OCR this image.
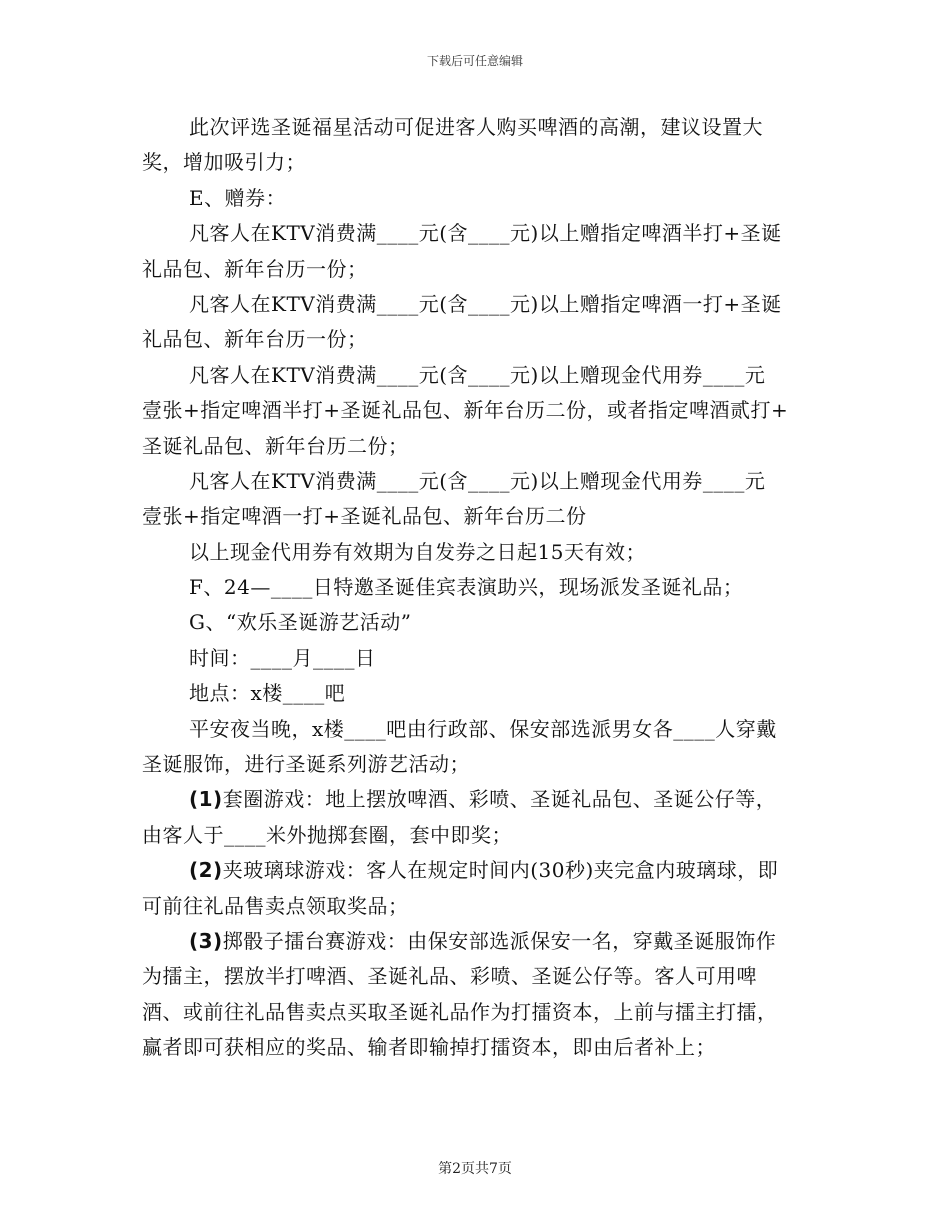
下载后可任意编辑
此次评选圣诞福星活动可促进客人购买啤酒的高潮，建议设置大
奖，增加吸引力；
E、赠券：
凡客人在KTV消费满____元(含____元)以上赠指定啤酒半打+圣诞
礼品包、新年台历一份；
凡客人在KTV消费满____元(含____元)以上赠指定啤酒一打+圣诞
礼品包、新年台历一份；
凡客人在KTV消费满____元(含____元)以上赠现金代用券____元
壹张+指定啤酒半打+圣诞礼品包、新年台历二份，或者指定啤酒贰打+
圣诞礼品包、新年台历二份；
凡客人在KTV消费满____元(含____元)以上赠现金代用券____元
壹张+指定啤酒一打+圣诞礼品包、新年台历二份
以上现金代用券有效期为自发券之日起15天有效；
F、24—____日特邀圣诞佳宾表演助兴，现场派发圣诞礼品；
G、“欢乐圣诞游艺活动”
时间：____月____日
地点：x楼____吧
平安夜当晚，x楼____吧由行政部、保安部选派男女各____人穿戴
圣诞服饰，进行圣诞系列游艺活动；
(1)套圈游戏：地上摆放啤酒、彩喷、圣诞礼品包、圣诞公仔等，
由客人于____米外抛掷套圈，套中即奖；
(2)夹玻璃球游戏：客人在规定时间内(30秒)夹完盒内玻璃球，即
可前往礼品售卖点领取奖品；
(3)掷骰子擂台赛游戏：由保安部选派保安一名，穿戴圣诞服饰作
为擂主，摆放半打啤酒、圣诞礼品、彩喷、圣诞公仔等。客人可用啤
酒、或前往礼品售卖点买取圣诞礼品作为打擂资本，上前与擂主打擂，
赢者即可获相应的奖品、输者即输掉打擂资本，即由后者补上；
第2页共7页
